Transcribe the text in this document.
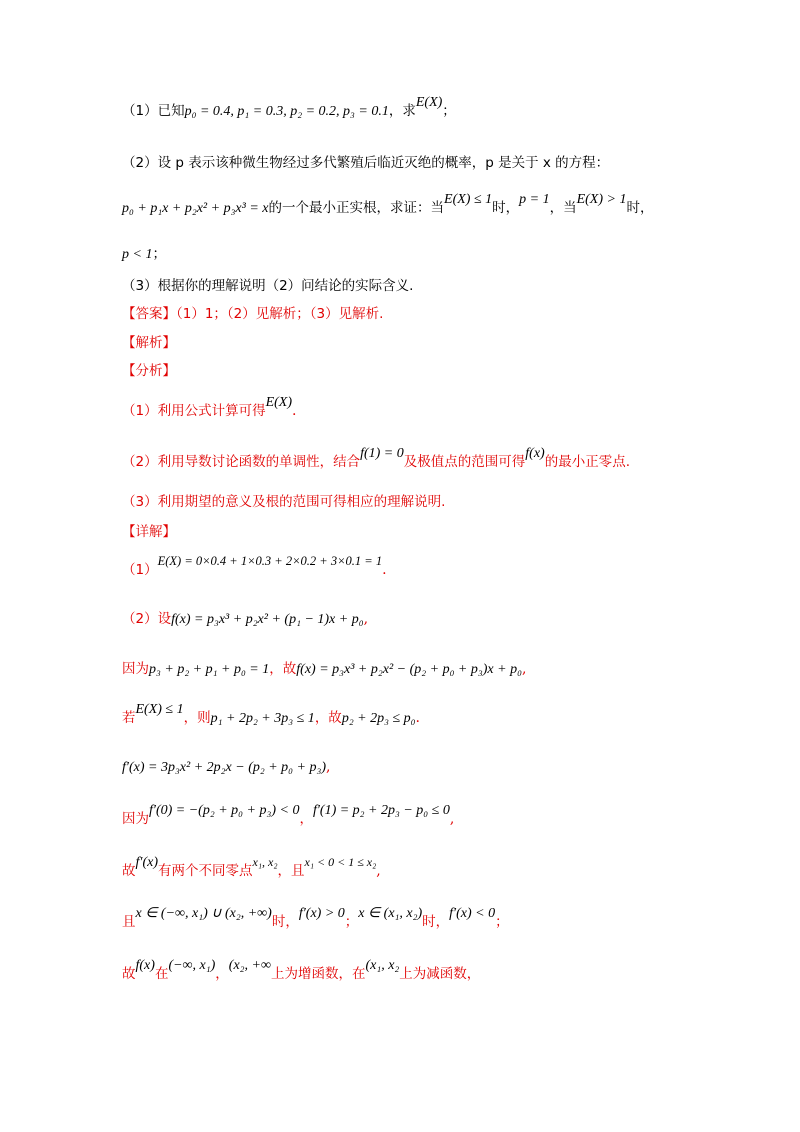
（1）已知p₀ = 0.4, p₁ = 0.3, p₂ = 0.2, p₃ = 0.1，求E(X)；
（2）设 p 表示该种微生物经过多代繁殖后临近灭绝的概率，p 是关于 x 的方程：
p₀ + p₁x + p₂x² + p₃x³ = x的一个最小正实根，求证：当E(X) ≤ 1时，p = 1，当E(X) > 1时，
p < 1；
（3）根据你的理解说明（2）问结论的实际含义.
【答案】（1）1；（2）见解析；（3）见解析.
【解析】
【分析】
（1）利用公式计算可得E(X).
（2）利用导数讨论函数的单调性，结合f(1) = 0及极值点的范围可得f(x)的最小正零点.
（3）利用期望的意义及根的范围可得相应的理解说明.
【详解】
（1）E(X) = 0×0.4 + 1×0.3 + 2×0.2 + 3×0.1 = 1.
（2）设f(x) = p₃x³ + p₂x² + (p₁ − 1)x + p₀,
因为p₃ + p₂ + p₁ + p₀ = 1，故f(x) = p₃x³ + p₂x² − (p₂ + p₀ + p₃)x + p₀,
若E(X) ≤ 1，则p₁ + 2p₂ + 3p₃ ≤ 1，故p₂ + 2p₃ ≤ p₀.
f′(x) = 3p₃x² + 2p₂x − (p₂ + p₀ + p₃),
因为f′(0) = −(p₂ + p₀ + p₃) < 0，f′(1) = p₂ + 2p₃ − p₀ ≤ 0,
故f′(x)有两个不同零点x₁, x₂，且x₁ < 0 < 1 ≤ x₂,
且x ∈ (−∞, x₁) ∪ (x₂, +∞)时，f′(x) > 0；x ∈ (x₁, x₂)时，f′(x) < 0；
故f(x)在(−∞, x₁)，(x₂, +∞上为增函数，在(x₁, x₂上为减函数，
